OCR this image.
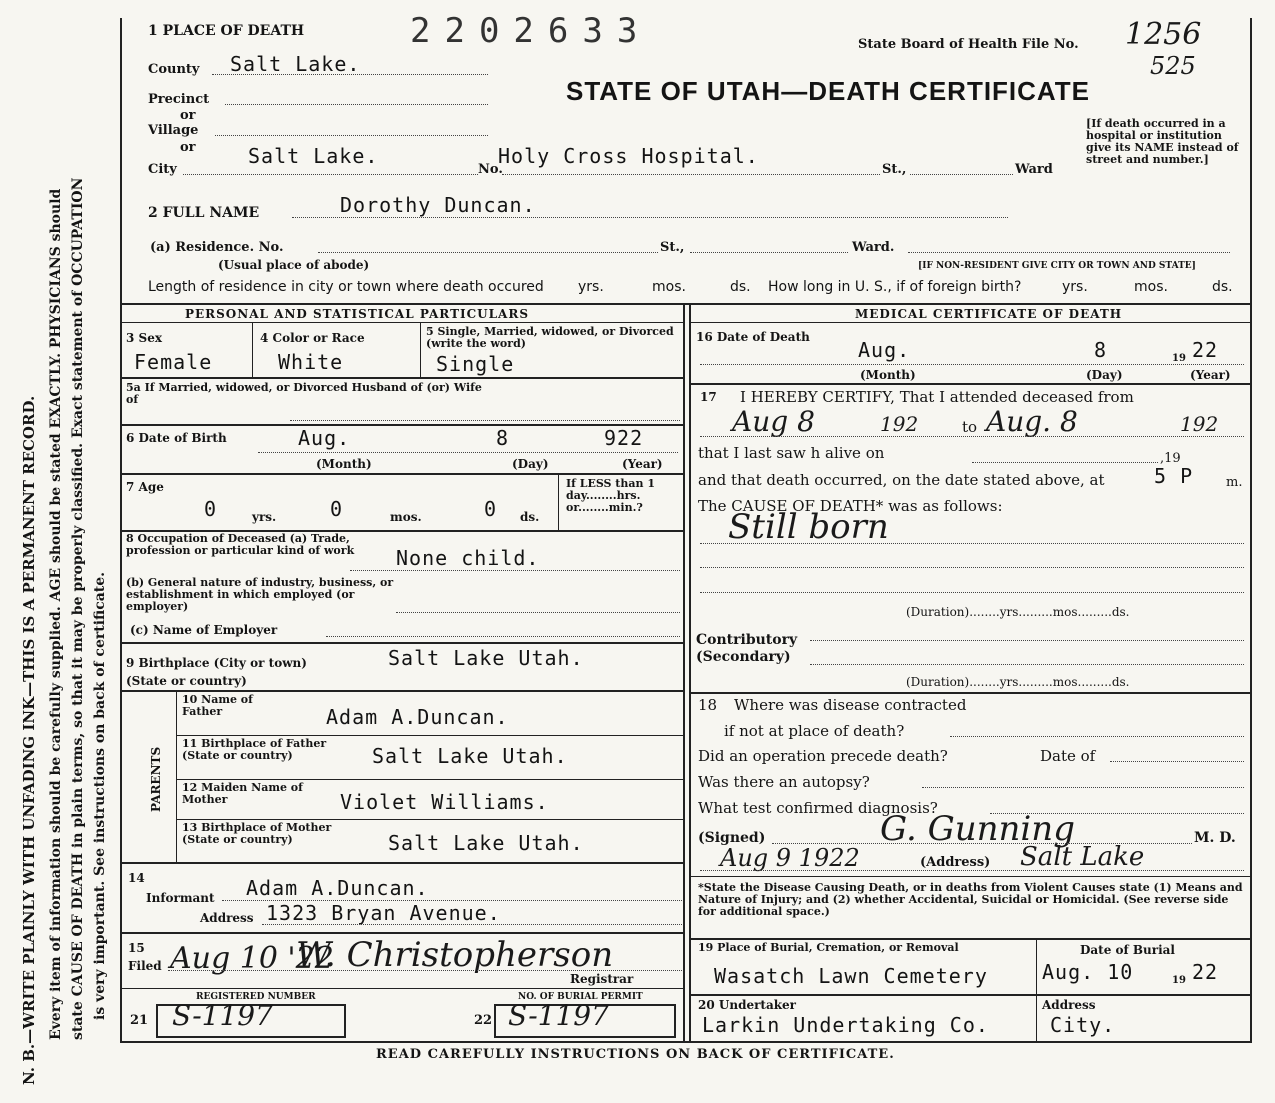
N. B.—WRITE PLAINLY WITH UNFADING INK—THIS IS A PERMANENT RECORD. Every item of information should be carefully supplied. AGE should be stated EXACTLY. PHYSICIANS should state CAUSE OF DEATH in plain terms, so that it may be properly classified. Exact statement of OCCUPATION is very important. See instructions on back of certificate.
1 PLACE OF DEATH	2202633	State Board of Health File No. 1256
525
STATE OF UTAH—DEATH CERTIFICATE
[If death occurred in a hospital or institution give its NAME instead of street and number.]
County Salt Lake.
Precinct
or
Village
or
City
Salt Lake.
No.
Holy Cross Hospital.
St.,	Ward
2 FULL NAME	Dorothy Duncan.
(a) Residence. No.	St.,	Ward.
(Usual place of abode)	[IF NON-RESIDENT GIVE CITY OR TOWN AND STATE]
Length of residence in city or town where death occured yrs.	mos.	ds. How long in U. S., if of foreign birth?	yrs.	mos.	ds.
PERSONAL AND STATISTICAL PARTICULARS	MEDICAL CERTIFICATE OF DEATH
3 Sex
Female
4 Color or Race
White
5 Single, Married, widowed, or Divorced (write the word)
Single
5a If Married, widowed, or Divorced Husband of (or) Wife of
6 Date of Birth	Aug.	8	922
(Month)	(Day)	(Year)
7 Age
0	yrs.	0	mos.	0 ds.
If LESS than 1 day........hrs. or........min.?
8 Occupation of Deceased (a) Trade, profession or particular kind of work	None child.
(b) General nature of industry, business, or establishment in which employed (or employer)
(c) Name of Employer
9 Birthplace (City or town)	Salt Lake Utah.
(State or country)
PARENTS
10 Name of Father	Adam A.Duncan.
11 Birthplace of Father (State or country)	Salt Lake Utah.
12 Maiden Name of Mother	Violet Williams.
13 Birthplace of Mother (State or country)	Salt Lake Utah.
14
Informant Adam A.Duncan.
Address 1323 Bryan Avenue.
15
Filed Aug 10 '22
W. Christopherson
Registrar
REGISTERED NUMBER	NO. OF BURIAL PERMIT
21 S-1197	22 S-1197
16 Date of Death
Aug.	8	19 22
(Month)	(Day)	(Year)
17 I HEREBY CERTIFY, That I attended deceased from
Aug 8	192	to Aug. 8	192
that I last saw h alive on	,19
and that death occurred, on the date stated above, at 5 P	m.
The CAUSE OF DEATH* was as follows:
Still born
(Duration)........yrs.........mos.........ds.
Contributory
(Secondary)
(Duration)........yrs.........mos.........ds.
18 Where was disease contracted
if not at place of death?
Did an operation precede death?	Date of
Was there an autopsy?
What test confirmed diagnosis?
(Signed)	G. Gunning	M. D.
Aug 9 1922	(Address) Salt Lake
*State the Disease Causing Death, or in deaths from Violent Causes state (1) Means and Nature of Injury; and (2) whether Accidental, Suicidal or Homicidal. (See reverse side for additional space.)
19 Place of Burial, Cremation, or Removal
Wasatch Lawn Cemetery
Date of Burial
Aug. 10	19 22
20 Undertaker
Larkin Undertaking Co.
Address
City.
READ CAREFULLY INSTRUCTIONS ON BACK OF CERTIFICATE.
